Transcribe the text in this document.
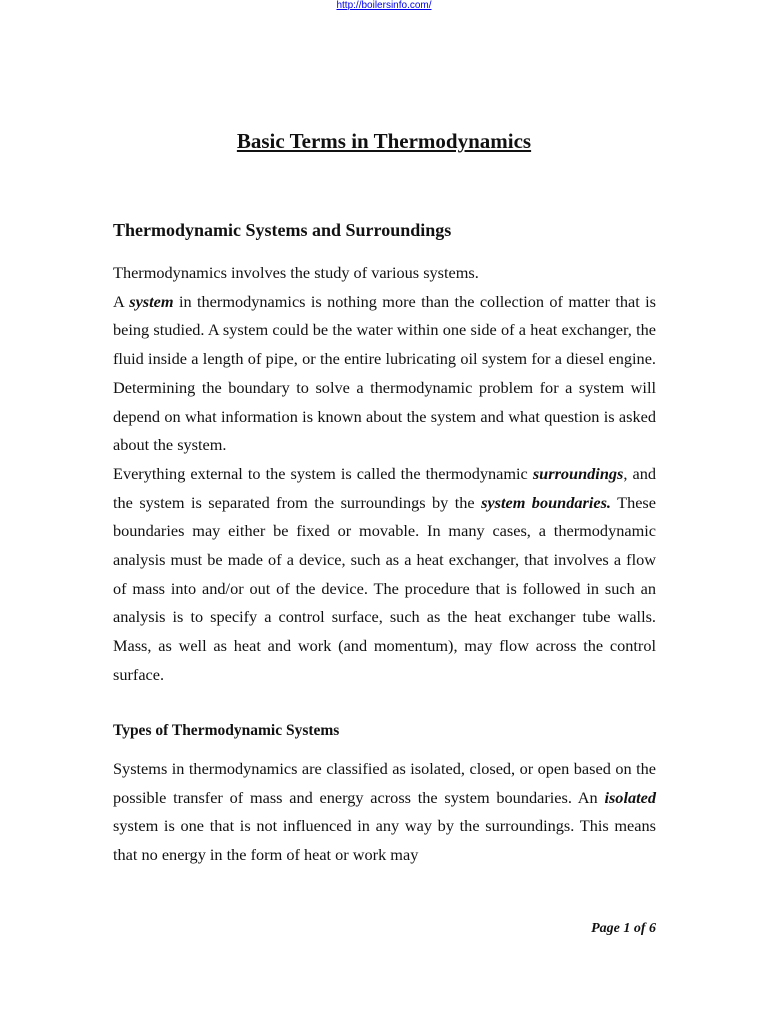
http://boilersinfo.com/
Basic Terms in Thermodynamics
Thermodynamic Systems and Surroundings

Thermodynamics involves the study of various systems.

A system in thermodynamics is nothing more than the collection of matter that is being studied. A system could be the water within one side of a heat exchanger, the fluid inside a length of pipe, or the entire lubricating oil system for a diesel engine. Determining the boundary to solve a thermodynamic problem for a system will depend on what information is known about the system and what question is asked about the system.

Everything external to the system is called the thermodynamic surroundings, and the system is separated from the surroundings by the system boundaries. These boundaries may either be fixed or movable. In many cases, a thermodynamic analysis must be made of a device, such as a heat exchanger, that involves a flow of mass into and/or out of the device. The procedure that is followed in such an analysis is to specify a control surface, such as the heat exchanger tube walls. Mass, as well as heat and work (and momentum), may flow across the control surface.

Types of Thermodynamic Systems

Systems in thermodynamics are classified as isolated, closed, or open based on the possible transfer of mass and energy across the system boundaries. An isolated system is one that is not influenced in any way by the surroundings. This means that no energy in the form of heat or work may

Page 1 of 6
